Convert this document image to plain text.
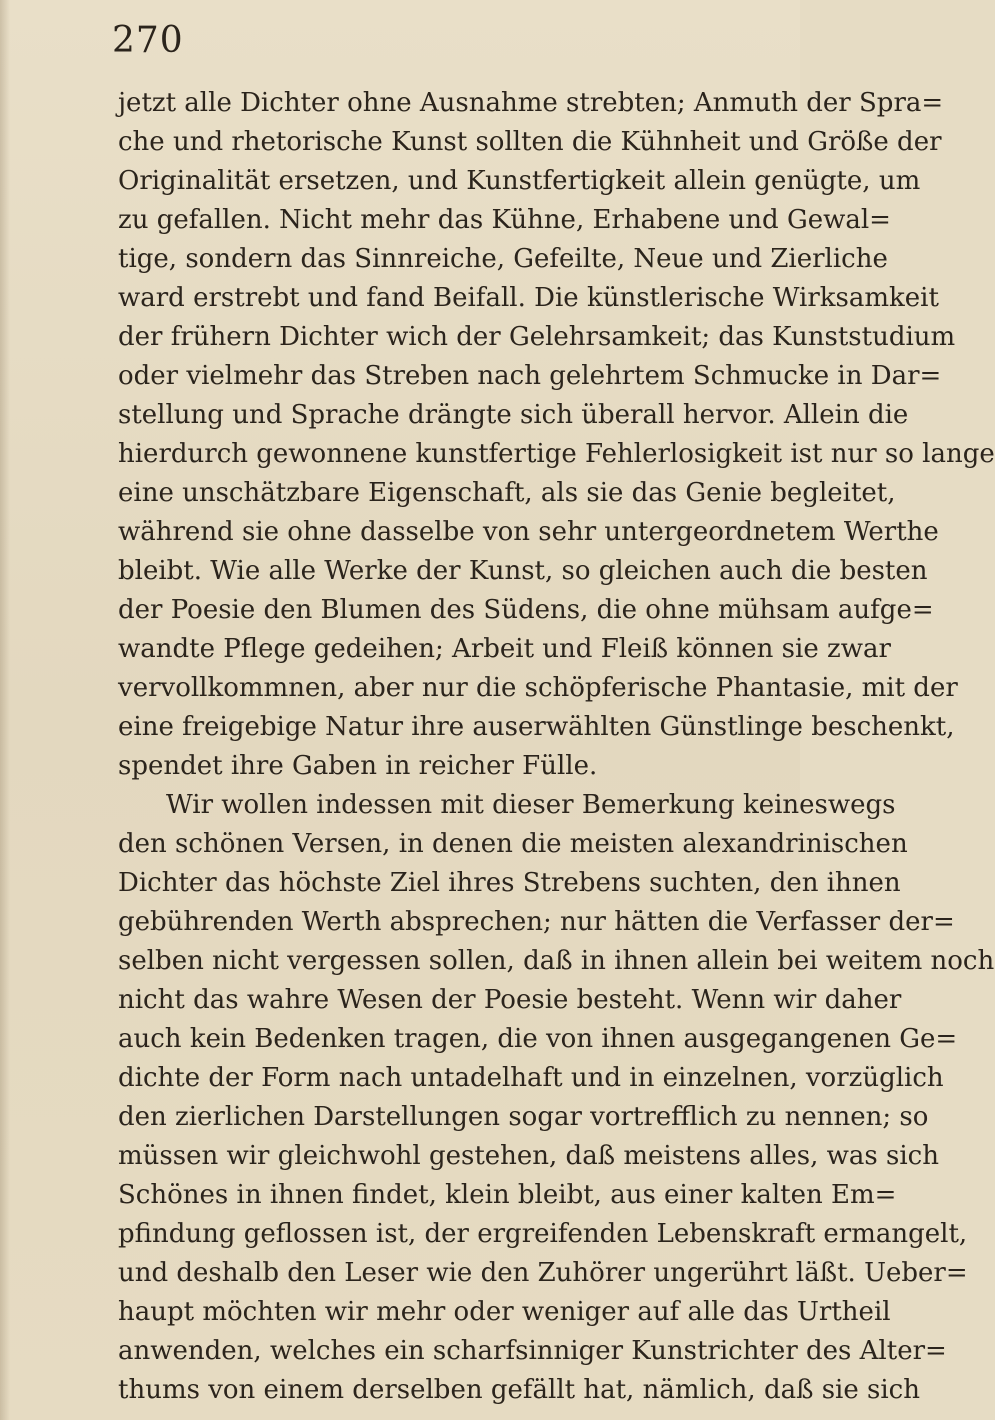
270
jetzt alle Dichter ohne Ausnahme strebten; Anmuth der Spra=
che und rhetorische Kunst sollten die Kühnheit und Größe der
Originalität ersetzen, und Kunstfertigkeit allein genügte, um
zu gefallen. Nicht mehr das Kühne, Erhabene und Gewal=
tige, sondern das Sinnreiche, Gefeilte, Neue und Zierliche
ward erstrebt und fand Beifall. Die künstlerische Wirksamkeit
der frühern Dichter wich der Gelehrsamkeit; das Kunststudium
oder vielmehr das Streben nach gelehrtem Schmucke in Dar=
stellung und Sprache drängte sich überall hervor. Allein die
hierdurch gewonnene kunstfertige Fehlerlosigkeit ist nur so lange
eine unschätzbare Eigenschaft, als sie das Genie begleitet,
während sie ohne dasselbe von sehr untergeordnetem Werthe
bleibt. Wie alle Werke der Kunst, so gleichen auch die besten
der Poesie den Blumen des Südens, die ohne mühsam aufge=
wandte Pflege gedeihen; Arbeit und Fleiß können sie zwar
vervollkommnen, aber nur die schöpferische Phantasie, mit der
eine freigebige Natur ihre auserwählten Günstlinge beschenkt,
spendet ihre Gaben in reicher Fülle.
Wir wollen indessen mit dieser Bemerkung keineswegs
den schönen Versen, in denen die meisten alexandrinischen
Dichter das höchste Ziel ihres Strebens suchten, den ihnen
gebührenden Werth absprechen; nur hätten die Verfasser der=
selben nicht vergessen sollen, daß in ihnen allein bei weitem noch
nicht das wahre Wesen der Poesie besteht. Wenn wir daher
auch kein Bedenken tragen, die von ihnen ausgegangenen Ge=
dichte der Form nach untadelhaft und in einzelnen, vorzüglich
den zierlichen Darstellungen sogar vortrefflich zu nennen; so
müssen wir gleichwohl gestehen, daß meistens alles, was sich
Schönes in ihnen findet, klein bleibt, aus einer kalten Em=
pfindung geflossen ist, der ergreifenden Lebenskraft ermangelt,
und deshalb den Leser wie den Zuhörer ungerührt läßt. Ueber=
haupt möchten wir mehr oder weniger auf alle das Urtheil
anwenden, welches ein scharfsinniger Kunstrichter des Alter=
thums von einem derselben gefällt hat, nämlich, daß sie sich
